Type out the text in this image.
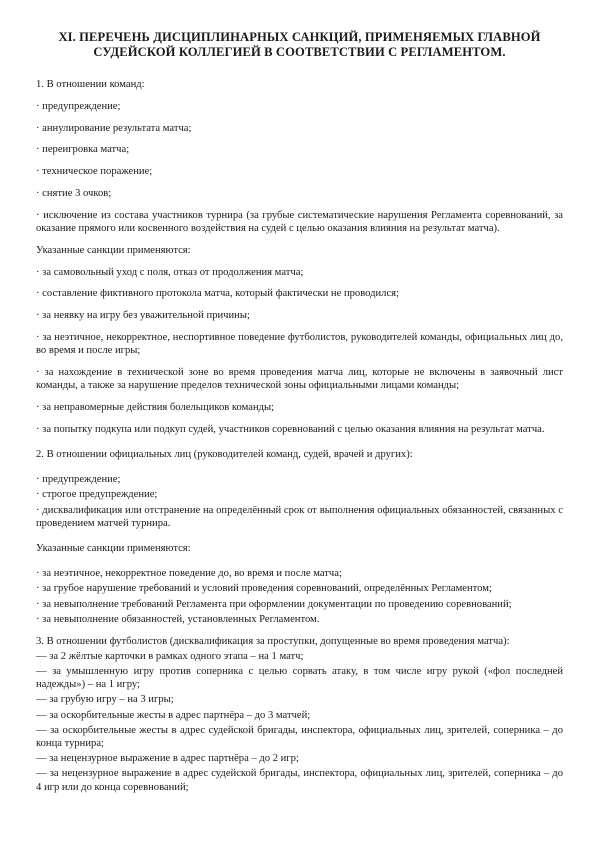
XI. ПЕРЕЧЕНЬ ДИСЦИПЛИНАРНЫХ САНКЦИЙ, ПРИМЕНЯЕМЫХ ГЛАВНОЙ
СУДЕЙСКОЙ КОЛЛЕГИЕЙ В СООТВЕТСТВИИ С РЕГЛАМЕНТОМ.

1. В отношении команд:

· предупреждение;

· аннулирование результата матча;

· переигровка матча;

· техническое поражение;

· снятие 3 очков;

· исключение из состава участников турнира (за грубые систематические нарушения Регламента соревнований, за оказание прямого или косвенного воздействия на судей с целью оказания влияния на результат матча).

Указанные санкции применяются:

· за самовольный уход с поля, отказ от продолжения матча;

· составление фиктивного протокола матча, который фактически не проводился;

· за неявку на игру без уважительной причины;

· за неэтичное, некорректное, неспортивное поведение футболистов, руководителей команды, официальных лиц до, во время и после игры;

· за нахождение в технической зоне во время проведения матча лиц, которые не включены в заявочный лист команды, а также за нарушение пределов технической зоны официальными лицами команды;

· за неправомерные действия болельщиков команды;

· за попытку подкупа или подкуп судей, участников соревнований с целью оказания влияния на результат матча.

2. В отношении официальных лиц (руководителей команд, судей, врачей и других):

· предупреждение;

· строгое предупреждение;

· дисквалификация или отстранение на определённый срок от выполнения официальных обязанностей, связанных с проведением матчей турнира.

Указанные санкции применяются:

· за неэтичное, некорректное поведение до, во время и после матча;

· за грубое нарушение требований и условий проведения соревнований, определённых Регламентом;

· за невыполнение требований Регламента при оформлении документации по проведению соревнований;

· за невыполнение обязанностей, установленных Регламентом.

3. В отношении футболистов (дисквалификация за проступки, допущенные во время проведения матча):

— за 2 жёлтые карточки в рамках одного этапа – на 1 матч;

— за умышленную игру против соперника с целью сорвать атаку, в том числе игру рукой («фол последней надежды») – на 1 игру;

— за грубую игру – на 3 игры;

— за оскорбительные жесты в адрес партнёра – до 3 матчей;

— за оскорбительные жесты в адрес судейской бригады, инспектора, официальных лиц, зрителей, соперника – до конца турнира;

— за нецензурное выражение в адрес партнёра – до 2 игр;

— за нецензурное выражение в адрес судейской бригады, инспектора, официальных лиц, зрителей, соперника – до 4 игр или до конца соревнований;
